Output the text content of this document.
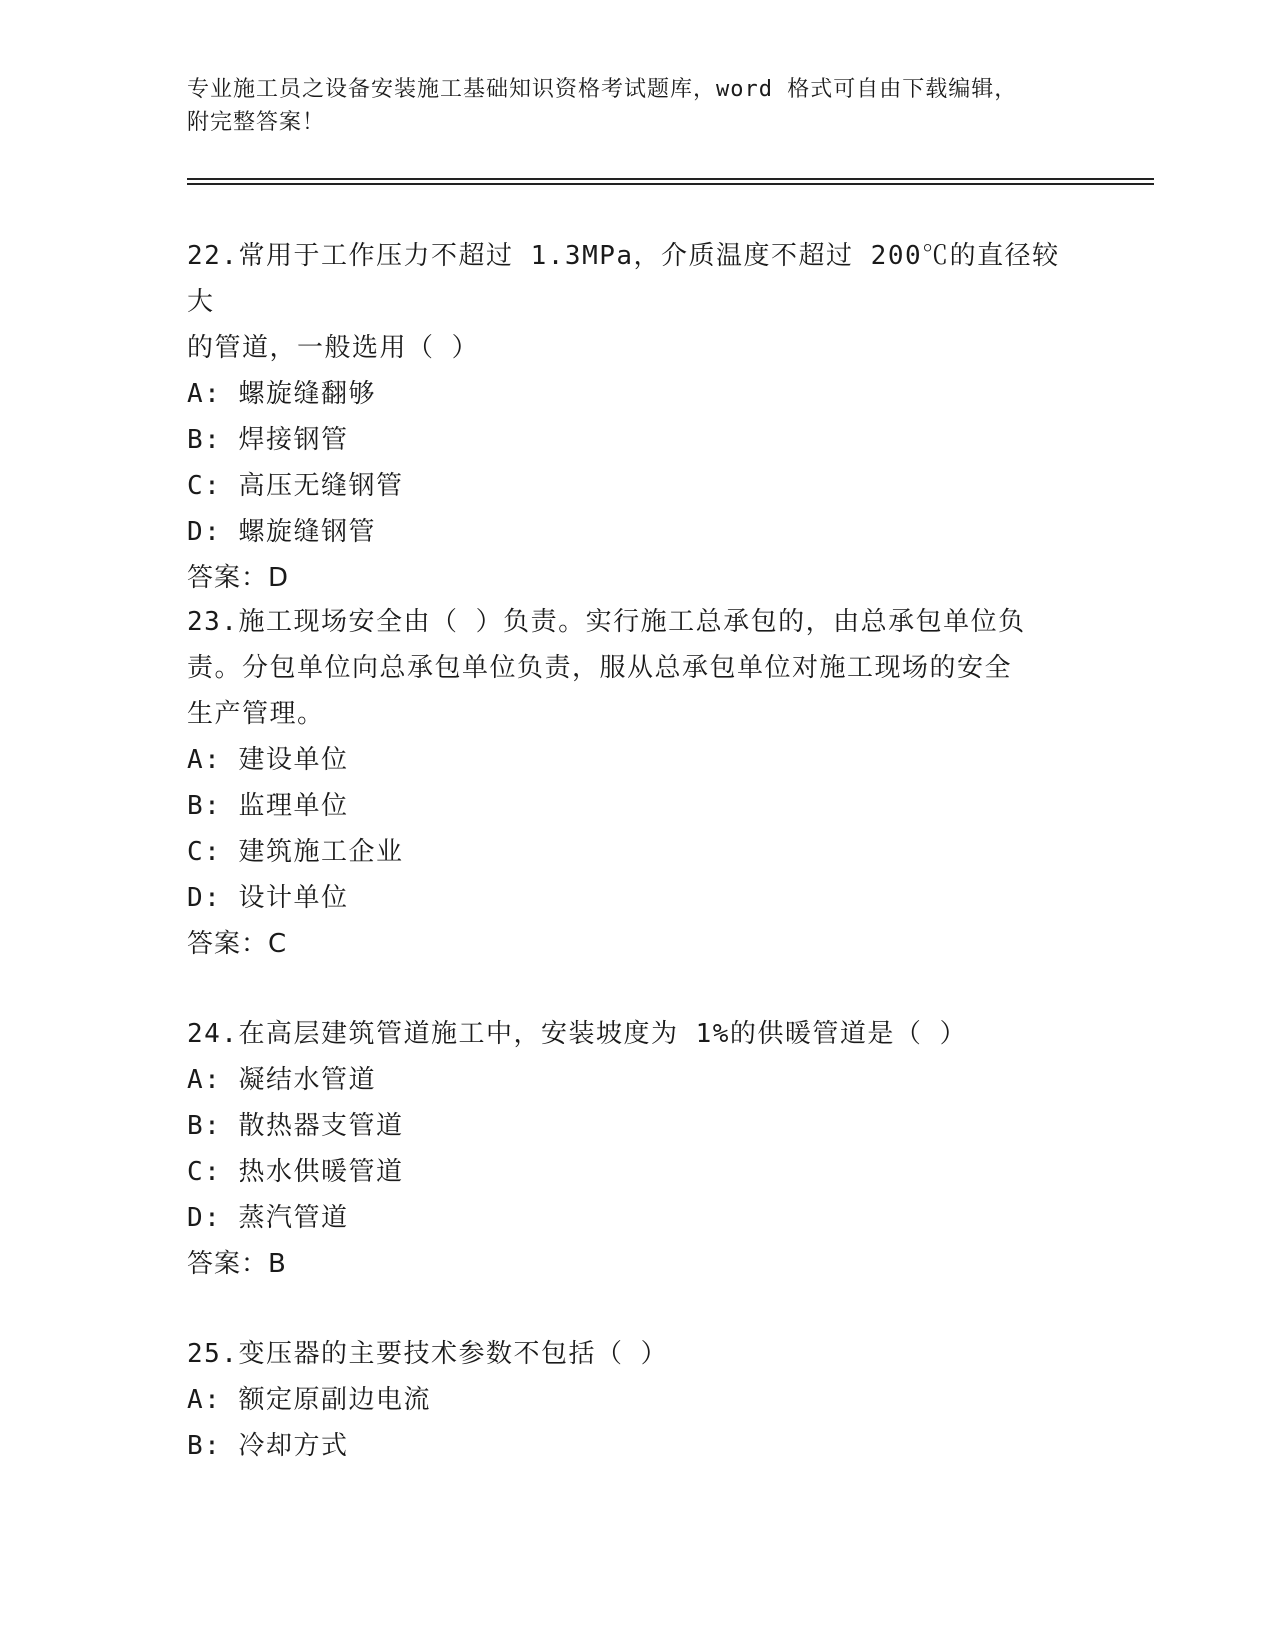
专业施工员之设备安装施工基础知识资格考试题库，word 格式可自由下载编辑，
附完整答案！
22.常用于工作压力不超过 1.3MPa，介质温度不超过 200℃的直径较大
的管道，一般选用（ ）
A: 螺旋缝翻够
B: 焊接钢管
C: 高压无缝钢管
D: 螺旋缝钢管
答案：D
23.施工现场安全由（ ）负责。实行施工总承包的，由总承包单位负
责。分包单位向总承包单位负责，服从总承包单位对施工现场的安全
生产管理。
A: 建设单位
B: 监理单位
C: 建筑施工企业
D: 设计单位
答案：C
24.在高层建筑管道施工中，安装坡度为 1%的供暖管道是（ ）
A: 凝结水管道
B: 散热器支管道
C: 热水供暖管道
D: 蒸汽管道
答案：B
25.变压器的主要技术参数不包括（ ）
A: 额定原副边电流
B: 冷却方式
